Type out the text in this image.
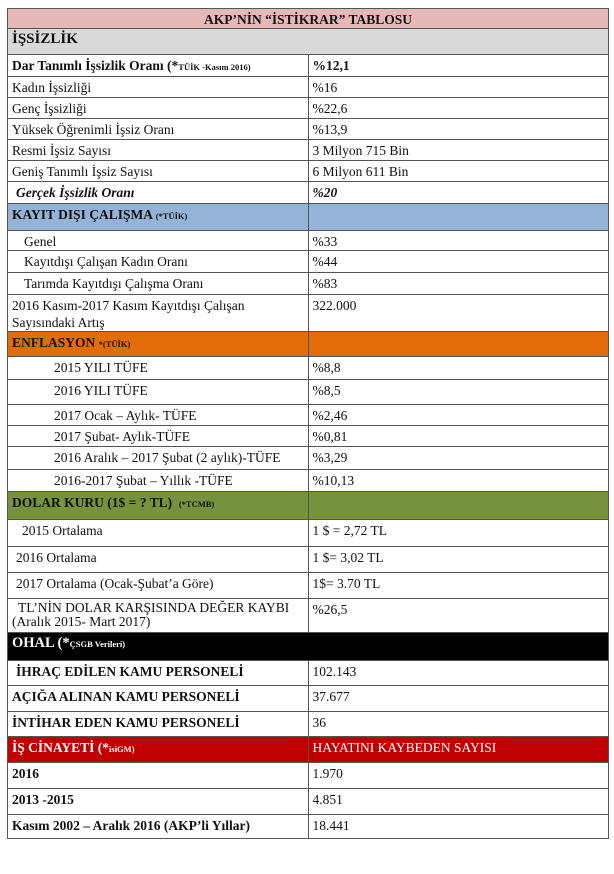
AKP’NİN “İSTİKRAR” TABLOSU	
İŞSİZLİK	
Dar Tanımlı İşsizlik Oranı (*TÜİK -Kasım 2016)	%12,1
Kadın İşsizliği	%16
Genç İşsizliği	%22,6
Yüksek Öğrenimli İşsiz Oranı	%13,9
Resmi İşsiz Sayısı	3 Milyon 715 Bin
Geniş Tanımlı İşsiz Sayısı	6 Milyon 611 Bin
Gerçek İşsizlik Oranı	%20
KAYIT DIŞI ÇALIŞMA (*TÜİK)	
Genel	%33
Kayıtdışı Çalışan Kadın Oranı	%44
Tarımda Kayıtdışı Çalışma Oranı	%83
2016 Kasım-2017 Kasım Kayıtdışı Çalışan Sayısındaki Artış	322.000
ENFLASYON *(TÜİK)	
2015 YILI TÜFE	%8,8
2016 YILI TÜFE	%8,5
2017 Ocak – Aylık- TÜFE	%2,46
2017 Şubat- Aylık-TÜFE	%0,81
2016 Aralık – 2017 Şubat (2 aylık)-TÜFE	%3,29
2016-2017 Şubat – Yıllık -TÜFE	%10,13
DOLAR KURU (1$ = ? TL) (*TCMB)	
2015 Ortalama	1 $ = 2,72 TL
2016 Ortalama	1 $= 3,02 TL
2017 Ortalama (Ocak-Şubat’a Göre)	1$= 3.70 TL

TL’NİN DOLAR KARŞISINDA DEĞER KAYBI
(Aralık 2015- Mart 2017)	%26,5
OHAL (*ÇSGB Verileri)	
İHRAÇ EDİLEN KAMU PERSONELİ	102.143
AÇIĞA ALINAN KAMU PERSONELİ	37.677
İNTİHAR EDEN KAMU PERSONELİ	36
İŞ CİNAYETİ (*isiGM)	HAYATINI KAYBEDEN SAYISI
2016	1.970
2013 -2015	4.851
Kasım 2002 – Aralık 2016 (AKP’li Yıllar)	18.441
